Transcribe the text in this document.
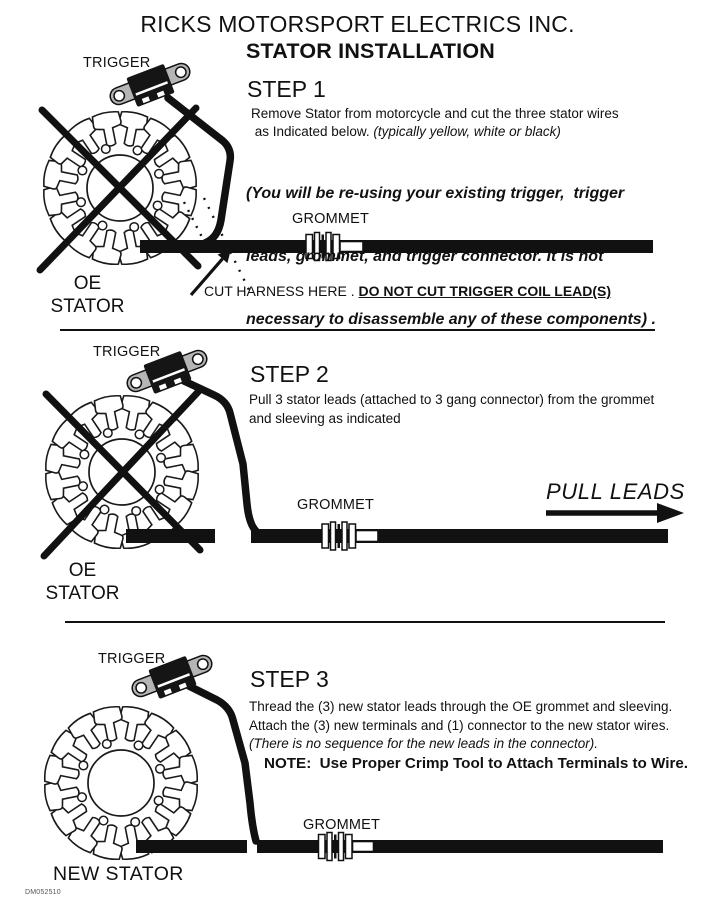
RICKS MOTORSPORT ELECTRICS INC.
STATOR INSTALLATION
TRIGGER
STEP 1
Remove Stator from motorcycle and cut the three stator wires
as Indicated below. (typically yellow, white or black)

(You will be re-using your existing trigger,  trigger

leads, grommet, and trigger connector. It is not

necessary to disassemble any of these components) .

GROMMET
CUT HARNESS HERE . DO NOT CUT TRIGGER COIL LEAD(S)
OE
STATOR
TRIGGER
STEP 2
Pull 3 stator leads (attached to 3 gang connector) from the grommet
and sleeving as indicated
PULL LEADS
GROMMET
OE
STATOR
TRIGGER
STEP 3
Thread the (3) new stator leads through the OE grommet and sleeving.
Attach the (3) new terminals and (1) connector to the new stator wires.
(There is no sequence for the new leads in the connector).
NOTE:  Use Proper Crimp Tool to Attach Terminals to Wire.
GROMMET
NEW STATOR
DM052510
